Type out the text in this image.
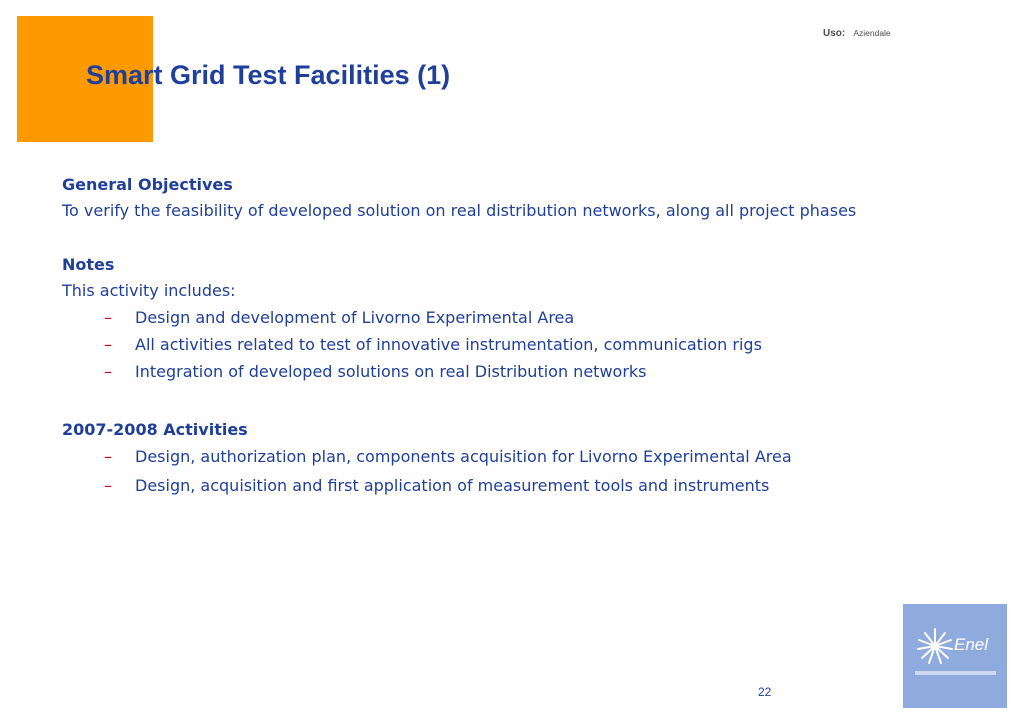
Uso: Aziendale
Smart Grid Test Facilities (1)
General Objectives
To verify the feasibility of developed solution on real distribution networks, along all project phases
Notes
This activity includes:
– Design and development of Livorno Experimental Area
– All activities related to test of innovative instrumentation, communication rigs
– Integration of developed solutions on real Distribution networks
2007-2008 Activities
– Design, authorization plan, components acquisition for Livorno Experimental Area
– Design, acquisition and first application of measurement tools and instruments
Enel
22
